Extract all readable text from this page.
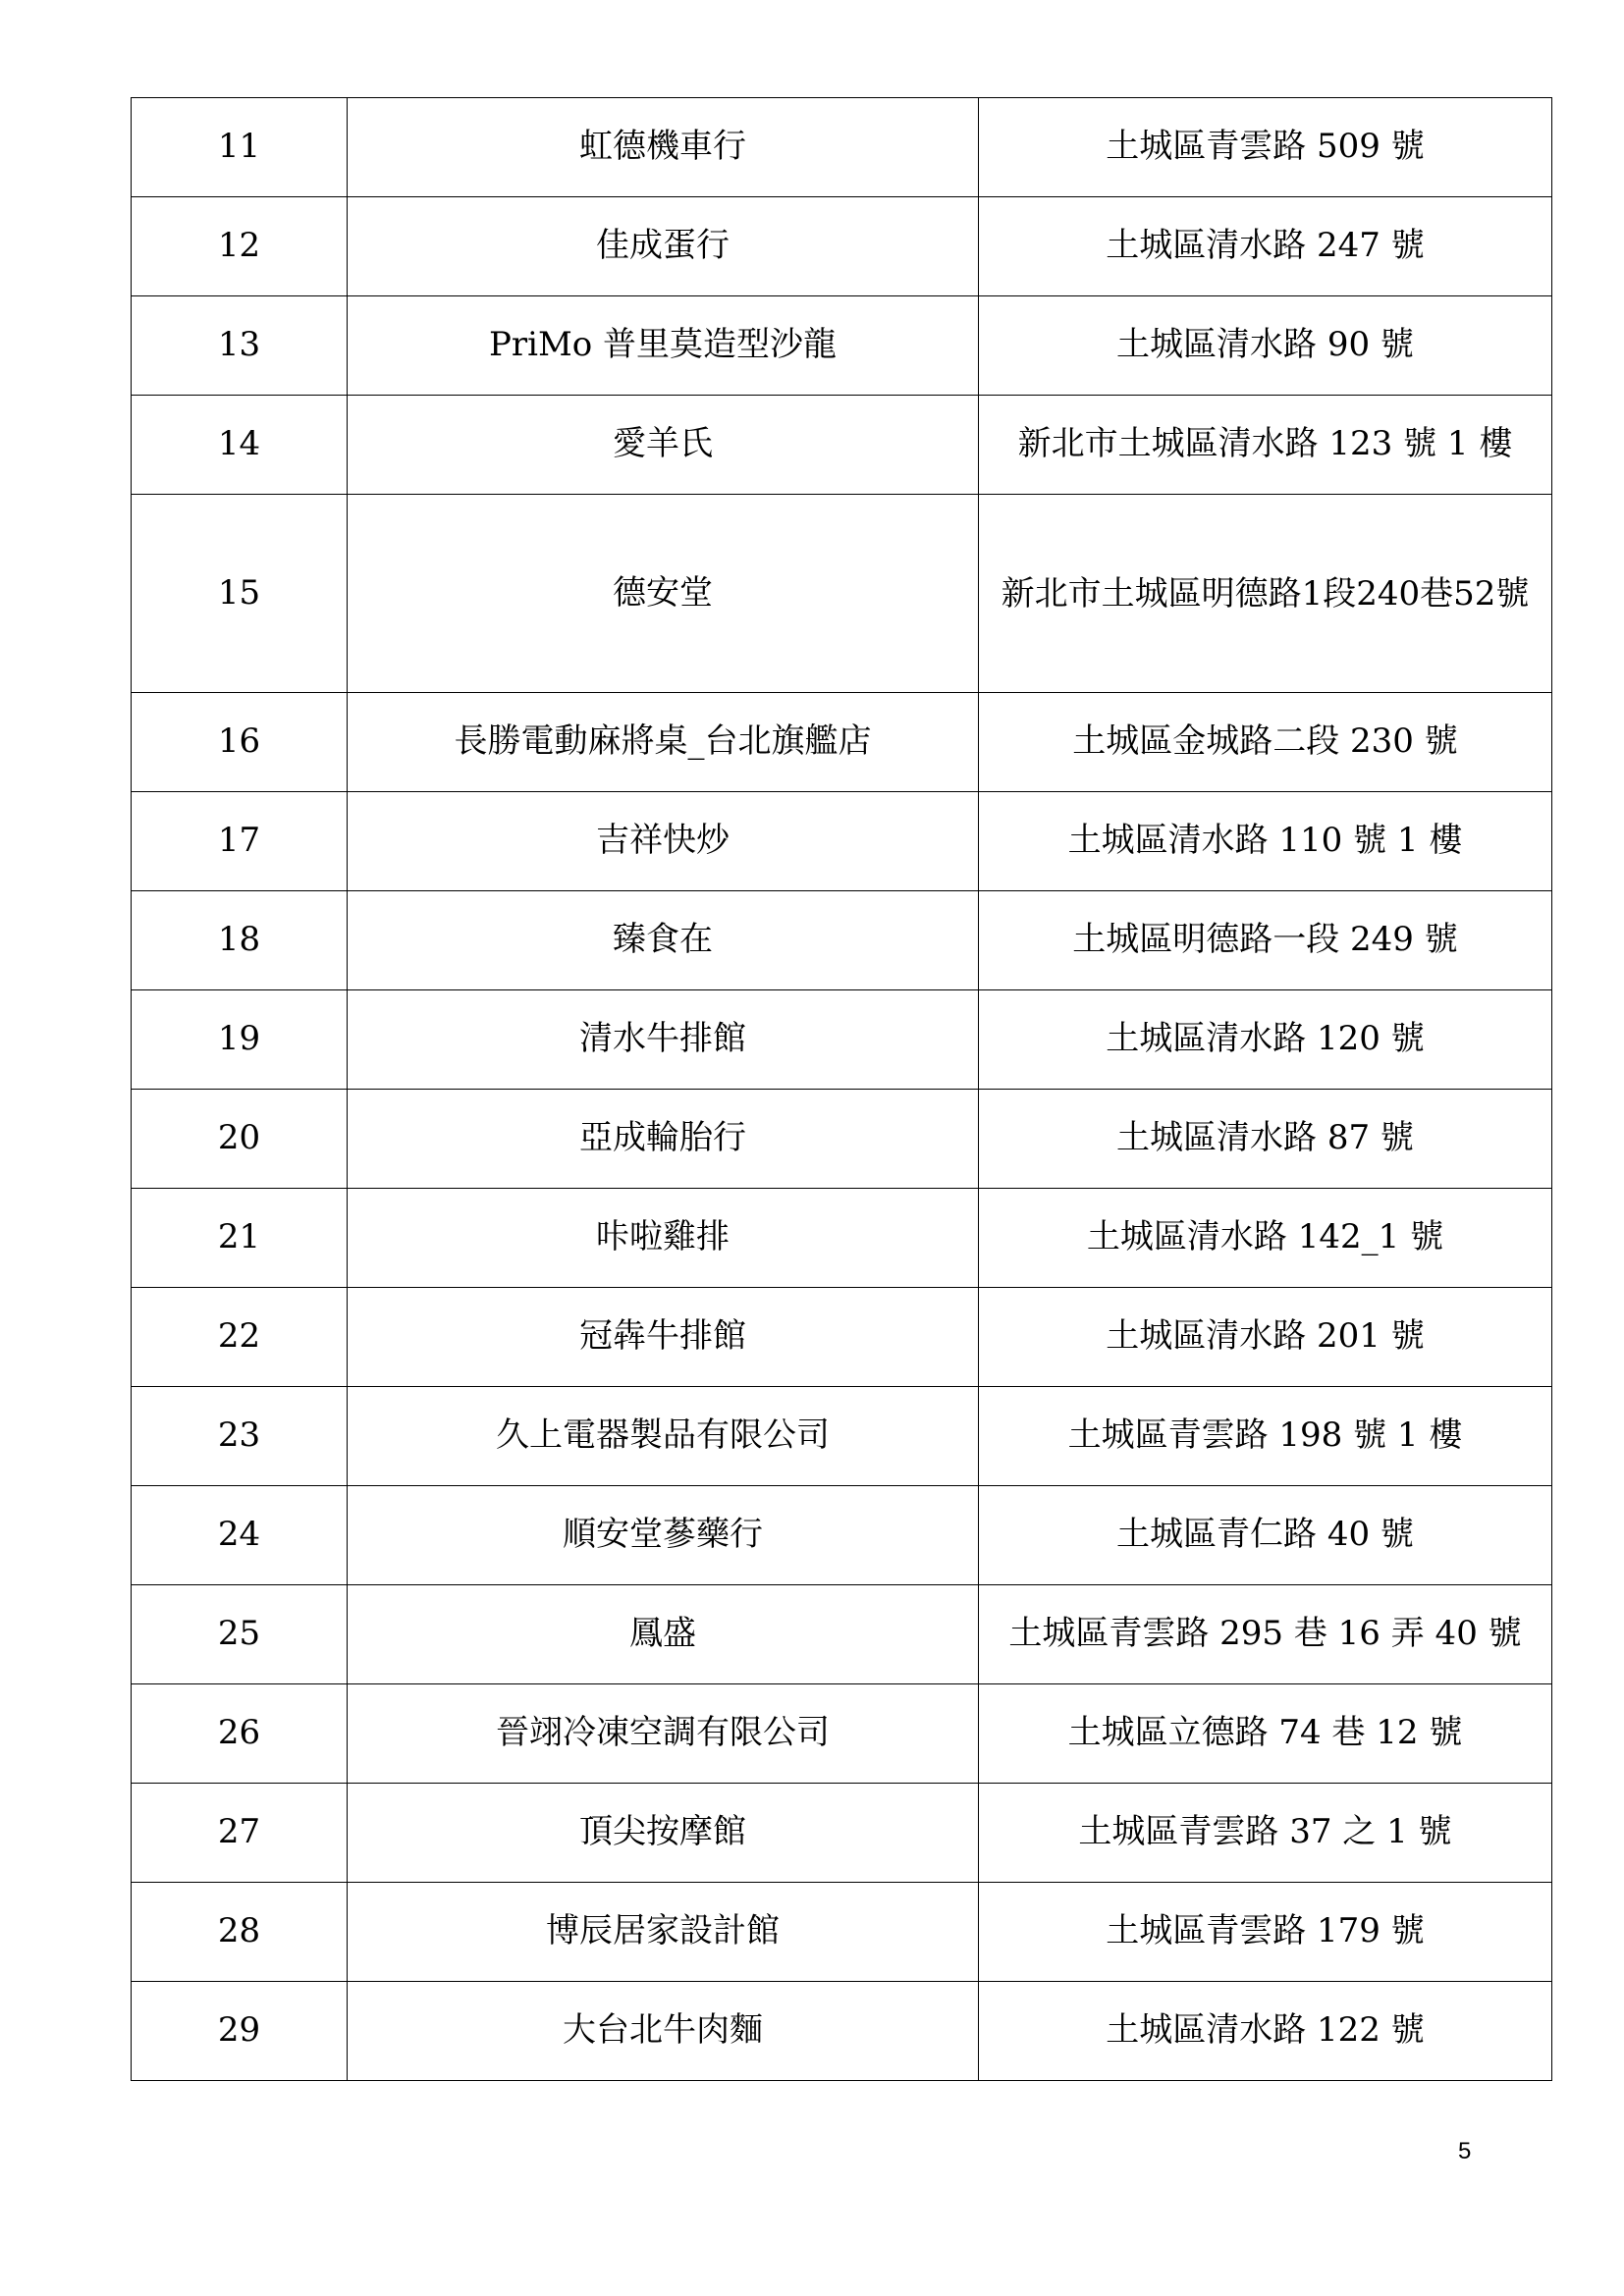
11	虹德機車行	土城區青雲路 509 號
12	佳成蛋行	土城區清水路 247 號
13	PriMo 普里莫造型沙龍	土城區清水路 90 號
14	愛羊氏	新北市土城區清水路 123 號 1 樓
15	德安堂	新北市土城區明德路1段240巷52號
16	長勝電動麻將桌_台北旗艦店	土城區金城路二段 230 號
17	吉祥快炒	土城區清水路 110 號 1 樓
18	臻食在	土城區明德路一段 249 號
19	清水牛排館	土城區清水路 120 號
20	亞成輪胎行	土城區清水路 87 號
21	咔啦雞排	土城區清水路 142_1 號
22	冠犇牛排館	土城區清水路 201 號
23	久上電器製品有限公司	土城區青雲路 198 號 1 樓
24	順安堂蔘藥行	土城區青仁路 40 號
25	鳳盛	土城區青雲路 295 巷 16 弄 40 號
26	晉翊冷凍空調有限公司	土城區立德路 74 巷 12 號
27	頂尖按摩館	土城區青雲路 37 之 1 號
28	博辰居家設計館	土城區青雲路 179 號
29	大台北牛肉麵	土城區清水路 122 號
5
